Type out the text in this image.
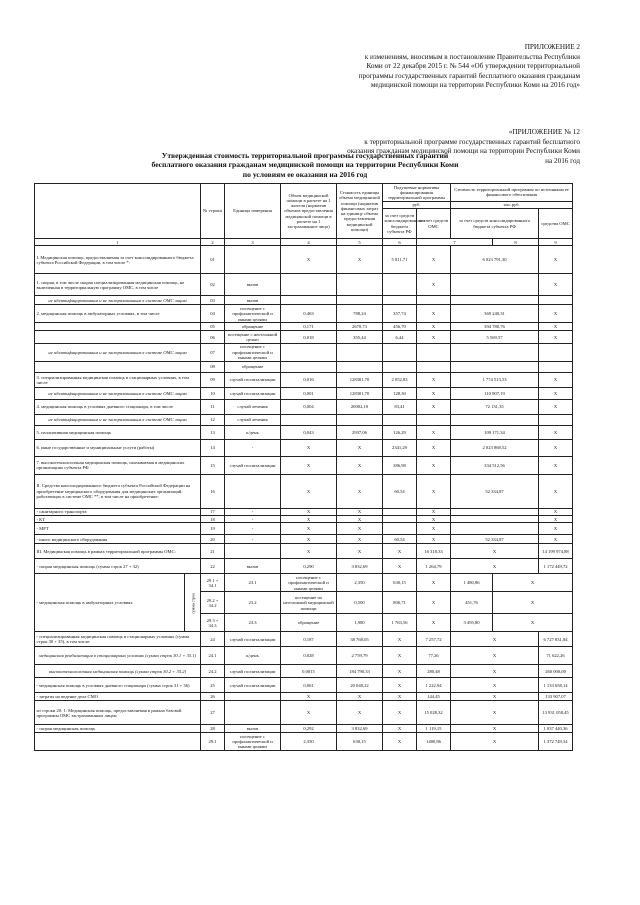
ПРИЛОЖЕНИЕ 2

к изменениям, вносимым в постановление Правительства Республики

Коми от 22 декабря 2015 г. № 544 «Об утверждении территориальной

программы государственных гарантий бесплатного оказания гражданам

медицинской помощи на территории Республики Коми на 2016 год»

«ПРИЛОЖЕНИЕ № 12

к территориальной программе государственных гарантий бесплатного

оказания гражданам медицинской помощи на территории Республики Коми

на 2016 год

Утвержденная стоимость территориальной программы государственных гарантий

бесплатного оказания гражданам медицинской помощи на территории Республики Коми

по условиям ее оказания на 2016 год

		№ строки	Единица измерения	Объем медицинской помощи в расчете на 1 жителя (норматив объемов предоставления медицинской помощи в расчете на 1 застрахованное лицо)	Стоимость единицы объема медицинской помощи (норматив финансовых затрат на единицу объема предоставления медицинской помощи)	Подушевые нормативы финансирования территориальной программы		Стоимость территориальной программы по источникам ее финансового обеспечения	
						руб.		тыс.руб.			
						за счет средств консолидированного бюджета субъекта РФ	за счет средств ОМС	за счет средств консолидированного бюджета субъекта РФ		средства ОМС	
1		2	3	4	5	6	7		8	9	
I. Медицинская помощь, предоставляемая за счет консолидированного бюджета субъекта Российской Федерации, в том числе *:		01		X	X	5 811,71	X	6 023 791,30		X	
1. скорая, в том числе скорая специализированная медицинская помощь, не включенная в территориальную программу ОМС, в том числе		02	вызов				X			X	
не идентифицированным и не застрахованным в системе ОМС лицам		03	вызов								
2. медицинская помощь в амбулаторных условиях, в том числе		04	посещение с профилактической и иными целями	0,463	788,24	357,74	X	369 240,31		X	
		05	обращение	0,171	2670,73	456,70	X	394 780,76		X	
		06	посещение с неотложной целью	0,018	355,44	6,44	X	5 569,57		X	
не идентифицированным и не застрахованным в системе ОМС лицам		07	посещение с профилактической и иными целями								
		08	обращение								
3. специализированная медицинская помощь в стационарных условиях, в том числе		09	случай госпитализации	0,016	128301,70	2 052,83	X	1 774 513,53		X	
не идентифицированным и не застрахованным в системе ОМС лицам		10	случай госпитализации	0,001	128301,70	128,30	X	110 907,19		X	
4. медицинская помощь в условиях дневного стационара, в том числе		11	случай лечения	0,004	20002,10	83,41	X	72 131,35		X	
не идентифицированным и не застрахованным в системе ОМС лицам		12	случай лечения								
5. паллиативная медицинская помощь		13	к/день	0,043	2937,06	126,29	X	109 171,34		X	
6. иные государственные и муниципальные услуги (работы)		14	-	X	X	2341,29	X	2 023 868,52		X	
7. высокотехнологичная медицинская помощь, оказываемая в медицинских организациях субъекта РФ		15	случай госпитализации	X	X	386,98	X	334 512,56		X	
II. Средства консолидированного бюджета субъекта Российской Федерации на приобретение медицинского оборудования для медицинских организаций, работающих в системе ОМС **, в том числе на приобретение:		16		X	X	60,54	X	52 334,87		X	
- санитарного транспорта		17	-	X	X		X			X	
- КТ		18	-	X	X		X			X	
- МРТ		19	-	X	X		X			X	
- иного медицинского оборудования		20	-	X	X	60,54	X	52 334,87		X	
III. Медицинская помощь в рамках территориальной программы ОМС:		21		X	X	X	16 318,33	X		14 199 974,88	
- скорая медицинская помощь (сумма строк 27 + 32)		22	вызов	0,290	3 832,69	X	1 264,79	X		1 172 449,72	
- медицинская помощь в амбулаторных условиях	сумма строк	29.1 + 34.1	23.1	посещение с профилактической и иными целями	2,350	630,15	X	1 480,86	X		
		29.2 + 34.2	23.2	посещение по неотложной медицинской помощи	0,500	806,71	X	451,76	X		
		29.3 + 34.3	23.3	обращение	1,980	1 763,56	X	3 495,80	X		
- специализированная медицинская помощь в стационарных условиях (сумма строк 30 + 35), в том числе:		24	случай госпитализации	0,187	38 768,05	X	7 257,72	X		6 727 831,84	
медицинская реабилитация в стационарных условиях (сумма строк 30.1 + 35.1)		24.1	к/день	0,028	2 759,79	X	77,26	X		71 622,26	
высокотехнологичная медицинская помощь (сумма строк 30.2 + 35.2)		24.2	случай госпитализации	0,0015	184 790,33	X	280,48	X		260 000,00	
- медицинская помощь в условиях дневного стационара (сумма строк 31 + 36)		25	случай госпитализации	0,061	20 048,22	X	1 222,94	X		1 133 658,14	
- затраты на ведение дела СМО		26		X	X	X	144,45	X		133 907,07	
из строки 20: 1. Медицинская помощь, предоставляемая в рамках базовой программы ОМС застрахованным лицам		27		X	X	X	15 028,32	X		13 931 058,45	
- скорая медицинская помощь		28	вызов	0,292	3 832,69	X	1 119,15	X		1 037 440,36	
		29.1	посещение с профилактической и иными целями	2,350	630,15	X	1480,86	X		1 372 749,34	
